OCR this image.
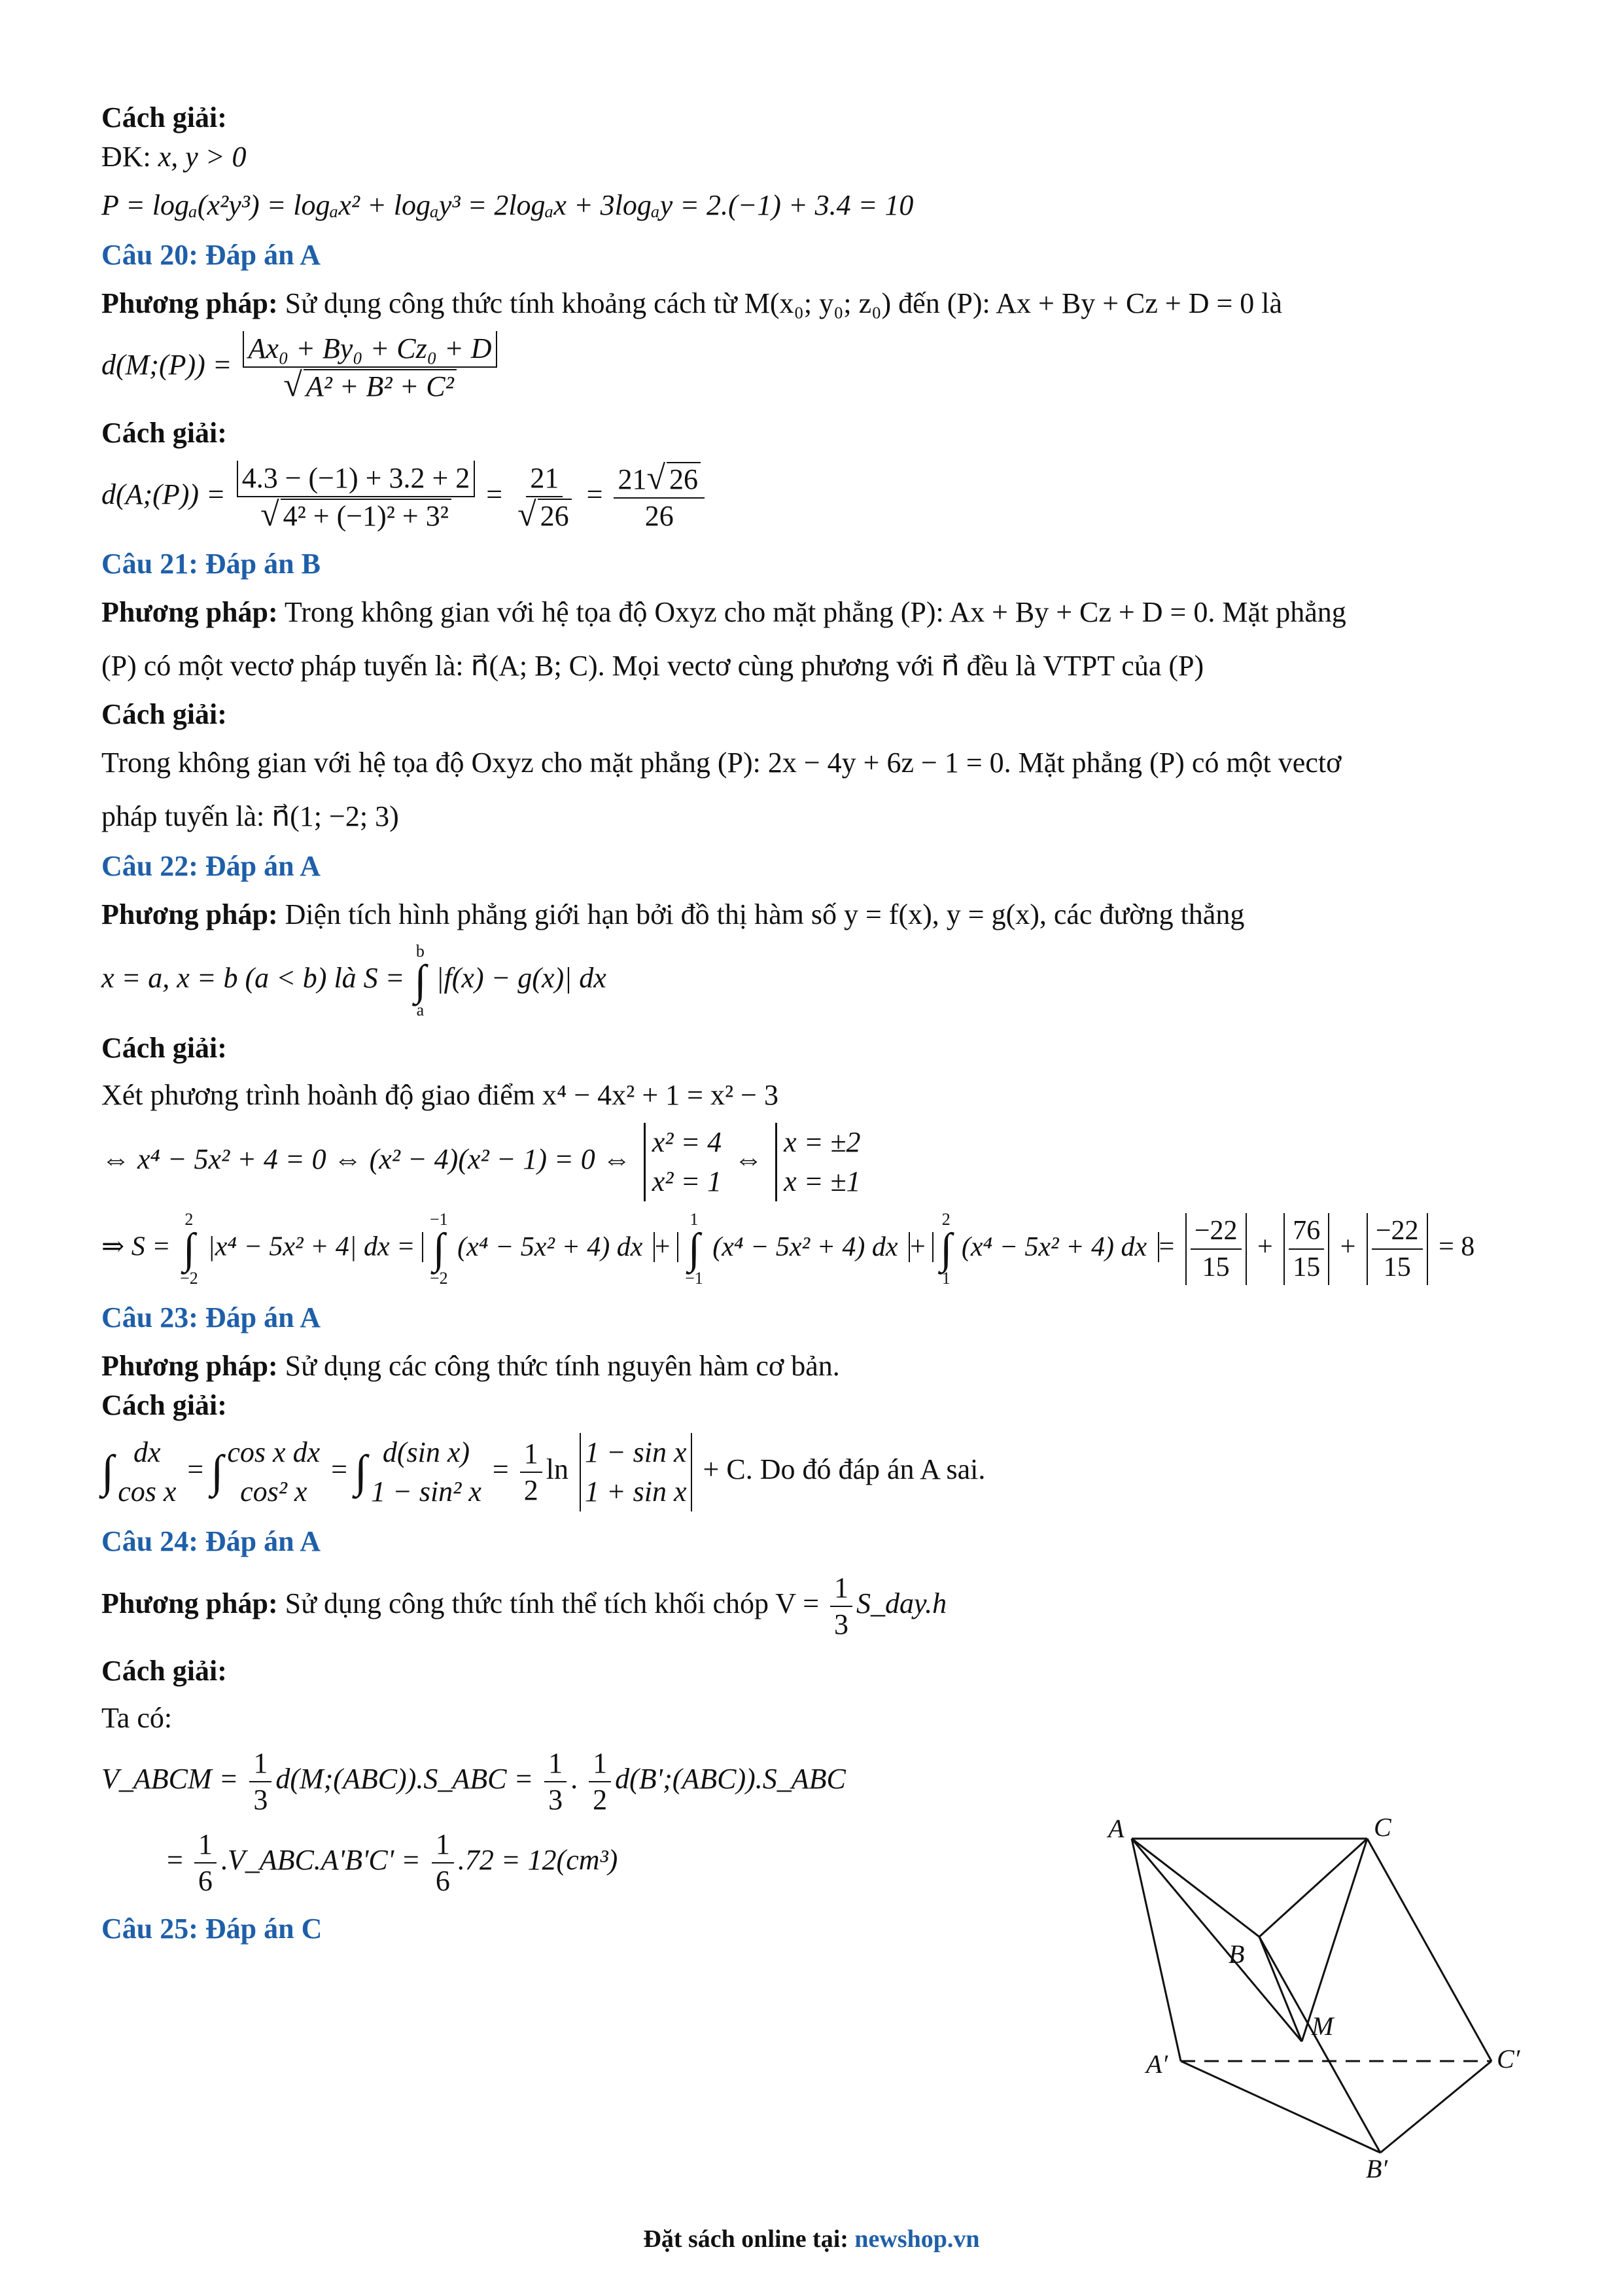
Cách giải:

ĐK: x, y > 0

P = logₐ(x²y³) = logₐx² + logₐy³ = 2logₐx + 3logₐy = 2.(−1) + 3.4 = 10

Câu 20: Đáp án A

Phương pháp: Sử dụng công thức tính khoảng cách từ M(x₀; y₀; z₀) đến (P): Ax + By + Cz + D = 0 là

d(M;(P)) = $\frac{\text{Ax₀ + By₀ + Cz₀ + D}}{\text{√ A² + B² + C²}}$

Cách giải:

d(A;(P)) = $\frac{4.3 - (-1) + 3.2 + 2}{\text{√ 4² + (−1)² + 3²}} = \frac{21}{√ 26} = \frac{21√ 26}{26}$
Câu 21: Đáp án B

Phương pháp: Trong không gian với hệ tọa độ Oxyz cho mặt phẳng (P): Ax + By + Cz + D = 0. Mặt phẳng

(P) có một vectơ pháp tuyến là: n⃗(A; B; C). Mọi vectơ cùng phương với n⃗ đều là VTPT của (P)

Cách giải:

Trong không gian với hệ tọa độ Oxyz cho mặt phẳng (P): 2x − 4y + 6z − 1 = 0. Mặt phẳng (P) có một vectơ

pháp tuyến là: n⃗(1; −2; 3)

Câu 22: Đáp án A

Phương pháp: Diện tích hình phẳng giới hạn bởi đồ thị hàm số y = f(x), y = g(x), các đường thẳng

x = a, x = b (a < b) là S =
b
∫
a
|f(x) − g(x)| dx

Cách giải:

Xét phương trình hoành độ giao điểm x⁴ − 4x² + 1 = x² − 3

⇔ x⁴ − 5x² + 4 = 0 ⇔ (x² − 4)(x² − 1) = 0 ⇔
x² = 4
x² = 1
⇔
x = ±2
x = ±1
⇒ S =
2
∫
−2
|x⁴ − 5x² + 4| dx =
−1
∫
−2
(x⁴ − 5x² + 4) dx +
1
∫
−1
(x⁴ − 5x² + 4) dx +
2
∫
1
(x⁴ − 5x² + 4) dx = $\frac{-22}{15} + \frac{76}{15} + \frac{-22}{15} = 8$
Câu 23: Đáp án A

Phương pháp: Sử dụng các công thức tính nguyên hàm cơ bản.

Cách giải:

∫ dx
cos x
= ∫ cos x dx
cos² x
= ∫ d(sin x)
1 − sin² x
= $\frac{1}{2}$ ln
1 − sin x
1 + sin x
+ C. Do đó đáp án A sai.
Câu 24: Đáp án A
Phương pháp: Sử dụng công thức tính thể tích khối chóp $V = \frac{1}{3}$ S_day.h

Cách giải:

Ta có:

V_ABCM = $\frac{1}{3}$ d(M;(ABC)).S_ABC = $\frac{1}{3}$ . $\frac{1}{2}$ d(B';(ABC)).S_ABC
= $\frac{1}{6}$ .V_ABC.A'B'C' = $\frac{1}{6} .72 = 12(cm^3)$
Câu 25: Đáp án C
A	C
B
M
A′	C′
B′
Đặt sách online tại: newshop.vn
